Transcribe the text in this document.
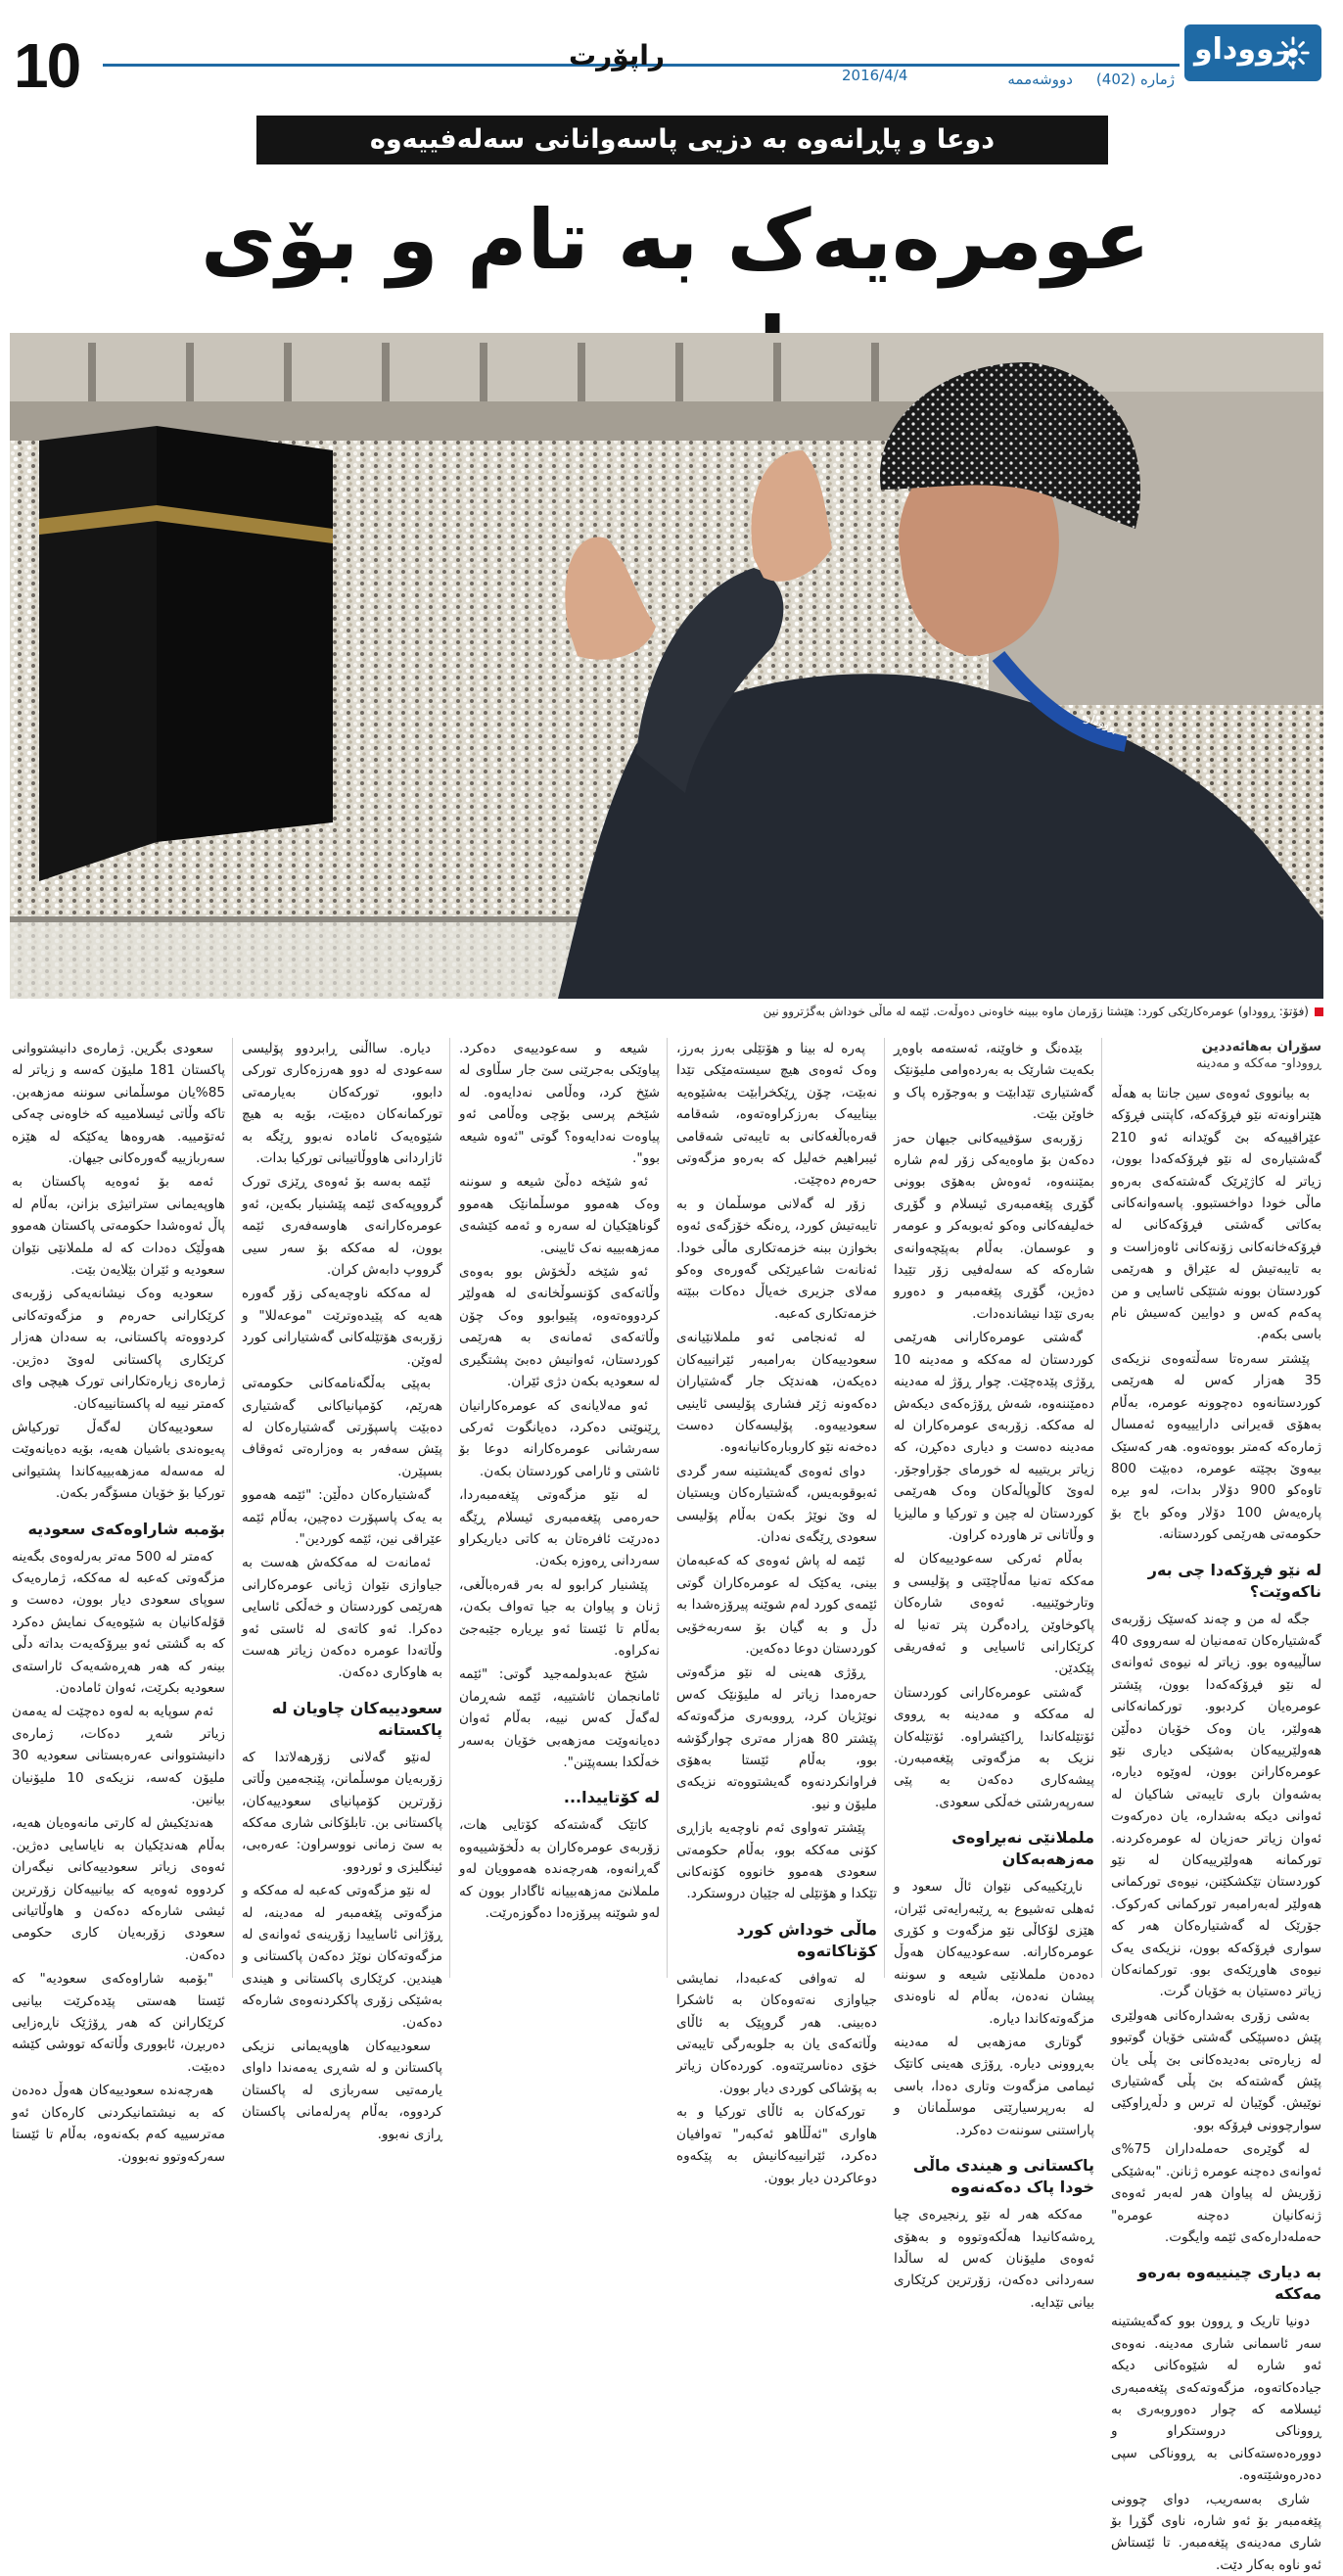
10	راپۆرت	ڕووداو
ژمارە (402)
دووشەممە
2016/4/4
دوعا و پاڕانەوە بە دزیی پاسەوانانی سەلەفییەوە
عومرەیەک بە تام و بۆی
ڕووداو
(فۆتۆ: ڕووداو) عومرەکارێکی کورد: هێشتا زۆرمان ماوە ببینە خاوەنی دەوڵەت. ئێمە لە ماڵی خوداش بەگژتروو نین
سۆران بەهائەددین
ڕووداو- مەککە و مەدینە

بە بیانووی ئەوەی سین جانتا بە هەڵە هێنراونەتە نێو فڕۆکەکە، کاپتنی فڕۆکە عێراقییەکە بێ گوێدانە ئەو 210 گەشتیارەی لە نێو فڕۆکەکەدا بوون، زیاتر لە کاژێرێک گەشتەکەی بەرەو ماڵی خودا دواخستبوو. پاسەوانەکانی بەکاتی گەشتی فڕۆکەکانی لە فڕۆکەخانەکانی زۆنەکانی ئاوەزاست و بە تایبەتیش لە عێراق و هەرێمی کوردستان بوونە شتێکی ئاسایی و من پەکەم کەس و دوایین کەسیش نام باسی بکەم.

پێشتر سەرەتا سەڵتەوەی نزیکەی 35 هەزار کەس لە هەرێمی کوردستانەوە دەچوونە عومرە، بەڵام بەهۆی قەیرانی دارایییەوە ئەمسال ژمارەکە کەمتر بووەتەوە. هەر کەسێک بیەوێ بچێتە عومرە، دەبێت 800 تاوەکو 900 دۆلار بدات، لەو بڕە پارەیەش 100 دۆلار وەکو باج بۆ حکومەتی هەرێمی کوردستانە.

لە نێو فڕۆکەدا چی بەر ناکەوێت؟

جگە لە من و چەند کەسێک زۆربەی گەشتیارەکان تەمەنیان لە سەرووی 40 ساڵییەوە بوو. زیاتر لە نیوەی ئەوانەی لە نێو فڕۆکەکەدا بوون، پێشتر عومرەیان کردبوو. تورکمانەکانی هەولێر، یان وەک خۆیان دەڵێن هەولێرییەکان بەشێکی دیاری نێو عومرەکارانن بوون، لەوێوە دیارە، بەشەوان بارى تایبەتی شاکیان لە ئەوانی دیکە بەشدارە، یان دەرکەوت ئەوان زیاتر حەزیان لە عومرەکردنە. تورکمانە هەولێرییەکان لە نێو کوردستان تێکشکێنن، نیوەی تورکمانی هەولێر لەبەرامبەر تورکمانی کەرکوک. جۆرێک لە گەشتیارەکان هەر کە سواری فڕۆکەکە بوون، نزیکەی یەک نیوەی هاوڕێکەی بوو. تورکمانەکان زیاتر دەستیان بە خۆیان گرت.

بەشی زۆری بەشدارەکانی هەولێری پێش دەسپێکی گەشتی خۆیان گوتبوو لە زیارەتی بەدیدەکانی بێ پڵی یان پێش گەشتەکە بێ پڵی گەشتیاری نوێیش. گوێیان لە ترس و دڵەڕاوکێی سوارچوونی فڕۆکە بوو.

لە گوێرەی حەملەداران 75%ی ئەوانەی دەچنە عومرە ژنانن. "بەشێکی زۆریش لە پیاوان هەر لەبەر ئەوەی ژنەکانیان دەچنە عومرە" حەملەدارەکەی ئێمە وایگوت.

بە دیاری چینییەوە بەرەو مەککە

دونیا تاریک و ڕوون بوو کەگەیشتینە سەر ئاسمانی شاری مەدینە. نەوەی ئەو شارە لە شێوەکانی دیکە جیادەکاتەوە، مزگەوتەکەی پێغەمبەری ئیسلامە کە چوار دەوروبەری بە ڕووناکی دروستکراو و دوورەدەستەکانی بە ڕووناکی سپی دەدرەوشێتەوە.

شاری بەسەریب، دوای چوونی پێغەمبەر بۆ ئەو شارە، ناوی گۆڕا بۆ شاری مەدینەی پێغەمبەر. تا ئێستاش ئەو ناوە بەکار دێت.

بێدەنگ و خاوێنە، ئەستەمە باوەڕ بکەیت شارێک بە بەردەوامی ملیۆنێک گەشتیاری تێدابێت و بەوجۆرە پاک و خاوێن بێت.

زۆربەی سۆفییەکانی جیهان حەز دەکەن بۆ ماوەیەکی زۆر لەم شارە بمێننەوە، ئەوەش بەهۆی بوونی گۆڕی پێغەمبەری ئیسلام و گۆڕی خەلیفەکانی وەکو ئەبوبەکر و عومەر و عوسمان. بەڵام بەپێچەوانەی شارەکە کە سەلەفیی زۆر تێیدا دەژین، گۆڕی پێغەمبەر و دەورو بەری تێدا نیشاندەدات.

گەشتی عومرەکارانی هەرێمی کوردستان لە مەککە و مەدینە 10 ڕۆژی پێدەچێت. چوار ڕۆژ لە مەدینە دەمێننەوە، شەش ڕۆژەکەی دیکەش لە مەککە. زۆربەی عومرەکاران لە مەدینە دەست و دیاری دەکڕن، کە زیاتر بریتییە لە خورمای جۆراوجۆر. لەوێ کاڵوپاڵەکان وەک هەرێمی کوردستان لە چین و تورکیا و مالیزیا و وڵاتانی تر هاوردە کراون.

بەڵام ئەرکی سەعودییەکان لە مەککە تەنیا مەڵاچێتی و پۆلیسی و وتارخوێنییە. ئەوەی شارەکان پاکوخاوێن ڕادەگرن پتر تەنیا لە کرێکارانی ئاسیایی و ئەفەریقی پێکدێن.

گەشتی عومرەکارانی کوردستان لە مەککە و مەدینە بە ڕووی ئۆتێلەکاندا ڕاکێشراوە. ئۆتێلەکان نزیک بە مزگەوتی پێغەمبەرن. پیشەکاری دەکەن بە پێی سەرپەرشتی خەڵکی سعودی.

ململانێی نەبڕاوەی مەزهەبەکان

ناڕێکییەکی نێوان ئاڵ سعود و ئەهلی تەشیوع بە ڕێبەرایەتی ئێران، هێزی لۆکاڵی نێو مزگەوت و کۆڕی عومرەکارانە. سەعودییەکان هەوڵ دەدەن ململانێی شیعە و سوننە پیشان نەدەن، بەڵام لە ناوەندی مزگەوتەکاندا دیارە.

گوتاری مەزهەبی لە مەدینە بەڕوونی دیارە. ڕۆژی هەینی کاتێک ئیمامی مزگەوت وتاری دەدا، باسی لە بەرپرسیارێتی موسڵمانان و پاراستنی سوننەت دەکرد.

پاکستانی و هیندی ماڵی خودا پاک دەکەنەوە

مەککە هەر لە نێو ڕنجیرەی چیا ڕەشەکانیدا هەڵکەوتووە و بەهۆی ئەوەی ملیۆنان کەس لە ساڵدا سەردانی دەکەن، زۆرترین کرێکاری بیانی تێدایە.

پەرە لە بینا و هۆتێلی بەرز بەرز، وەک ئەوەی هیچ سیستەمێکی تێدا نەبێت، چۆن ڕێکخرابێت بەشێوەیە بیناییەک بەرزکراوەتەوە، شەقامە قەرەباڵغەکانی بە تایبەتی شەقامی ئیبراهیم خەلیل کە بەرەو مزگەوتی حەرەم دەچێت.

زۆر لە گەلانی موسڵمان و بە تایبەتیش کورد، ڕەنگە خۆزگەی ئەوە بخوازن ببنە خزمەتکاری ماڵی خودا. ئەنانەت شاعیرێکی گەورەی وەکو مەلای جزیری خەیاڵ دەکات ببێتە خزمەتکاری کەعبە.

لە ئەنجامی ئەو ململانێیانەی سعودییەکان بەرامبەر ئێرانییەکان دەیکەن، هەندێک جار گەشتیاران دەکەونە ژێر فشاری پۆلیسی ئاینیی سعودییەوە. پۆلیسەکان دەست دەخەنە نێو کاروبارەکانیانەوە.

دوای ئەوەی گەیشتینە سەر گردی ئەبوقوبەیس، گەشتیارەکان ویستیان لە وێ نوێژ بکەن بەڵام پۆلیسی سعودی ڕێگەی نەدان.

ئێمە لە پاش ئەوەی کە کەعبەمان بینی، یەکێک لە عومرەکاران گوتی ئێمەی کورد لەم شوێنە پیرۆزەشدا بە دڵ و بە گیان بۆ سەربەخۆیی کوردستان دوعا دەکەین.

ڕۆژی هەینی لە نێو مزگەوتی حەرەمدا زیاتر لە ملیۆنێک کەس نوێژیان کرد، ڕووبەری مزگەوتەکە پێشتر 80 هەزار مەتری چوارگۆشە بوو، بەڵام ئێستا بەهۆی فراوانکردنەوە گەیشتووەتە نزیکەی ملیۆن و نیو.

پێشتر تەواوی ئەم ناوچەیە بازاڕی کۆنی مەککە بوو، بەڵام حکومەتی سعودی هەموو خانووە کۆنەکانی تێکدا و هۆتێلی لە جێیان دروستکرد.

ماڵی خوداش کورد کۆناکاتەوە

لە تەوافی کەعبەدا، نمایشی جیاوازی نەتەوەکان بە ئاشکرا دەبینی. هەر گروپێک بە ئاڵای وڵاتەکەی یان بە جلوبەرگی تایبەتی خۆی دەناسرێتەوە. کوردەکان زیاتر بە پۆشاکی کوردی دیار بوون.

تورکەکان بە ئاڵای تورکیا و بە هاواری "ئەڵڵاهو ئەکبەر" تەوافیان دەکرد، ئێرانییەکانیش بە پێکەوە دوعاکردن دیار بوون.

شیعە و سەعودییەی دەکرد. پیاوێکی بەجرێنی سێ جار سڵاوی لە شێخ کرد، وەڵامی نەدایەوە. لە شێخم پرسی بۆچی وەڵامی ئەو پیاوەت نەدایەوە؟ گوتی "ئەوە شیعە بوو".

ئەو شێخە دەڵێ شیعە و سوننە وەک هەموو موسڵمانێک هەموو گوناهێکیان لە سەرە و ئەمە کێشەی مەزهەبییە نەک ئایینی.

ئەو شێخە دڵخۆش بوو بەوەی وڵاتەکەی کۆنسوڵخانەی لە هەولێر کردووەتەوە، پێیوابوو وەک چۆن وڵاتەکەی ئەمانەی بە هەرێمی کوردستان، ئەوانیش دەبێ پشتگیری لە سعودیە بکەن دژی ئێران.

ئەو مەلایانەی کە عومرەکارانیان ڕێنوێنی دەکرد، دەیانگوت ئەرکی سەرشانی عومرەکارانە دوعا بۆ ئاشتی و ئارامی کوردستان بکەن.

لە نێو مزگەوتی پێغەمبەردا، حەرەمی پێغەمبەری ئیسلام ڕێگە دەدرێت ئافرەتان بە کاتی دیاریکراو سەردانی ڕەوزە بکەن.

پێشنیار کرابوو لە بەر قەرەباڵغی، ژنان و پیاوان بە جیا تەواف بکەن، بەڵام تا ئێستا ئەو بڕیارە جێبەجێ نەکراوە.

شێخ عەبدولمەجید گوتی: "ئێمە ئامانجمان ئاشتییە، ئێمە شەڕمان لەگەڵ کەس نییە، بەڵام ئەوان دەیانەوێت مەزهەبی خۆیان بەسەر خەڵکدا بسەپێنن".

لە کۆتاییدا...

کاتێک گەشتەکە کۆتایی هات، زۆربەی عومرەکاران بە دڵخۆشییەوە گەڕانەوە، هەرچەندە هەموویان لەو ململانێ مەزهەبییانە ئاگادار بوون کە لەو شوێنە پیرۆزەدا دەگوزەرێت.

دیارە. سااڵنی ڕابردوو پۆلیسی سەعودی لە دوو هەرزەکاری تورکی دابوو، تورکەکان بەیارمەتی تورکمانەکان دەبێت، بۆیە بە هیچ شێوەیەک ئامادە نەبوو ڕێگە بە ئازاردانی هاووڵاتییانی تورکیا بدات.

ئێمە بەسە بۆ ئەوەی ڕێزی تورک گرووپەکەی ئێمە پێشنیار بکەین، ئەو عومرەکارانەی هاوسەفەری ئێمە بوون، لە مەککە بۆ سەر سیی گرووپ دابەش کران.

لە مەککە ناوچەیەکی زۆر گەورە هەیە کە پێیدەوترێت "موعەللا" و زۆربەی هۆتێلەکانی گەشتیارانی کورد لەوێن.

بەپێی بەڵگەنامەکانی حکومەتی هەرێم، کۆمپانیاکانی گەشتیاری دەبێت پاسپۆرتی گەشتیارەکان لە پێش سەفەر بە وەزارەتی ئەوقاف بسپێرن.

گەشتیارەکان دەڵێن: "ئێمە هەموو بە یەک پاسپۆرت دەچین، بەڵام ئێمە عێراقی نین، ئێمە کوردین".

ئەمانەت لە مەککەش هەست بە جیاوازی نێوان ژیانی عومرەکارانی هەرێمی کوردستان و خەڵکی ئاسایی دەکرا. ئەو کاتەی لە ئاستی ئەو وڵاتەدا عومرە دەکەن زیاتر هەست بە هاوکاری دەکەن.

سعودییەکان چاویان لە پاکستانە

لەنێو گەلانی زۆرهەلاتدا کە زۆربەیان موسڵمانن، پێنجەمین وڵاتی زۆرترین کۆمپانیای سعودییەکان، پاکستانی بن. تابلۆکانی شاری مەککە بە سێ زمانی نووسراون: عەرەبی، ئینگلیزی و ئوردوو.

لە نێو مزگەوتی کەعبە لە مەککە و مزگەوتی پێغەمبەر لە مەدینە، لە ڕۆژانی ئاساییدا زۆرینەی ئەوانەی لە مزگەوتەکان نوێژ دەکەن پاکستانی و هیندین. کرێکاری پاکستانی و هیندی بەشێکی زۆری پاککردنەوەی شارەکە دەکەن.

سعودییەکان هاوپەیمانی نزیکی پاکستانن و لە شەڕی یەمەندا داوای یارمەتیی سەربازی لە پاکستان کردووە، بەڵام پەرلەمانی پاکستان ڕازی نەبوو.

سعودی بگرین. ژمارەی دانیشتووانی پاکستان 181 ملیۆن کەسە و زیاتر لە 85%یان موسڵمانی سوننە مەزهەبن. تاکە وڵاتی ئیسلامییە کە خاوەنی چەکی ئەتۆمییە. هەروەها یەکێکە لە هێزە سەربازییە گەورەکانی جیهان.

ئەمە بۆ ئەوەیە پاکستان بە هاوپەیمانی ستراتیژی بزانن، بەڵام لە پاڵ ئەوەشدا حکومەتی پاکستان هەموو هەوڵێک دەدات کە لە ململانێی نێوان سعودیە و ئێران بێلایەن بێت.

سعودیە وەک نیشانەیەکی زۆربەی کرێکارانی حەرەم و مزگەوتەکانی کردووەتە پاکستانی، بە سەدان هەزار کرێکاری پاکستانی لەوێ دەژین. ژمارەی زیارەتکارانی تورک هیچی وای کەمتر نییە لە پاکستانییەکان.

سعودییەکان لەگەڵ تورکیاش پەیوەندی باشیان هەیە، بۆیە دەیانەوێت لە مەسەلە مەزهەبییەکاندا پشتیوانی تورکیا بۆ خۆیان مسۆگەر بکەن.

بۆمبە شاراوەکەی سعودیە

کەمتر لە 500 مەتر بەرلەوەی بگەینە مزگەوتی کەعبە لە مەککە، ژمارەیەک سوپای سعودی دیار بوون، دەست و قۆلەکانیان بە شێوەیەک نمایش دەکرد کە بە گشتی ئەو بیرۆکەیەت بداتە دڵی بینەر کە هەر هەڕەشەیەک ئاراستەی سعودیە بکرێت، ئەوان ئامادەن.

ئەم سوپایە بە لەوە دەچێت لە یەمەن زیاتر شەڕ دەکات، ژمارەی دانیشتووانی عەرەبستانی سعودیە 30 ملیۆن کەسە، نزیکەی 10 ملیۆنیان بیانین.

هەندێکیش لە کارتی مانەوەیان هەیە، بەڵام هەندێکیان بە نایاسایی دەژین. ئەوەی زیاتر سعودییەکانی نیگەران کردووە ئەوەیە کە بیانییەکان زۆرترین ئیشی شارەکە دەکەن و هاوڵاتیانی سعودی زۆربەیان کاری حکومی دەکەن.

"بۆمبە شاراوەکەی سعودیە" کە ئێستا هەستی پێدەکرێت بیانیی کرێکارانن کە هەر ڕۆژێک ناڕەزایی دەربڕن، ئابووری وڵاتەکە تووشی کێشە دەبێت.

هەرچەندە سعودییەکان هەوڵ دەدەن کە بە نیشتمانیکردنی کارەکان ئەو مەترسییە کەم بکەنەوە، بەڵام تا ئێستا سەرکەوتوو نەبوون.
